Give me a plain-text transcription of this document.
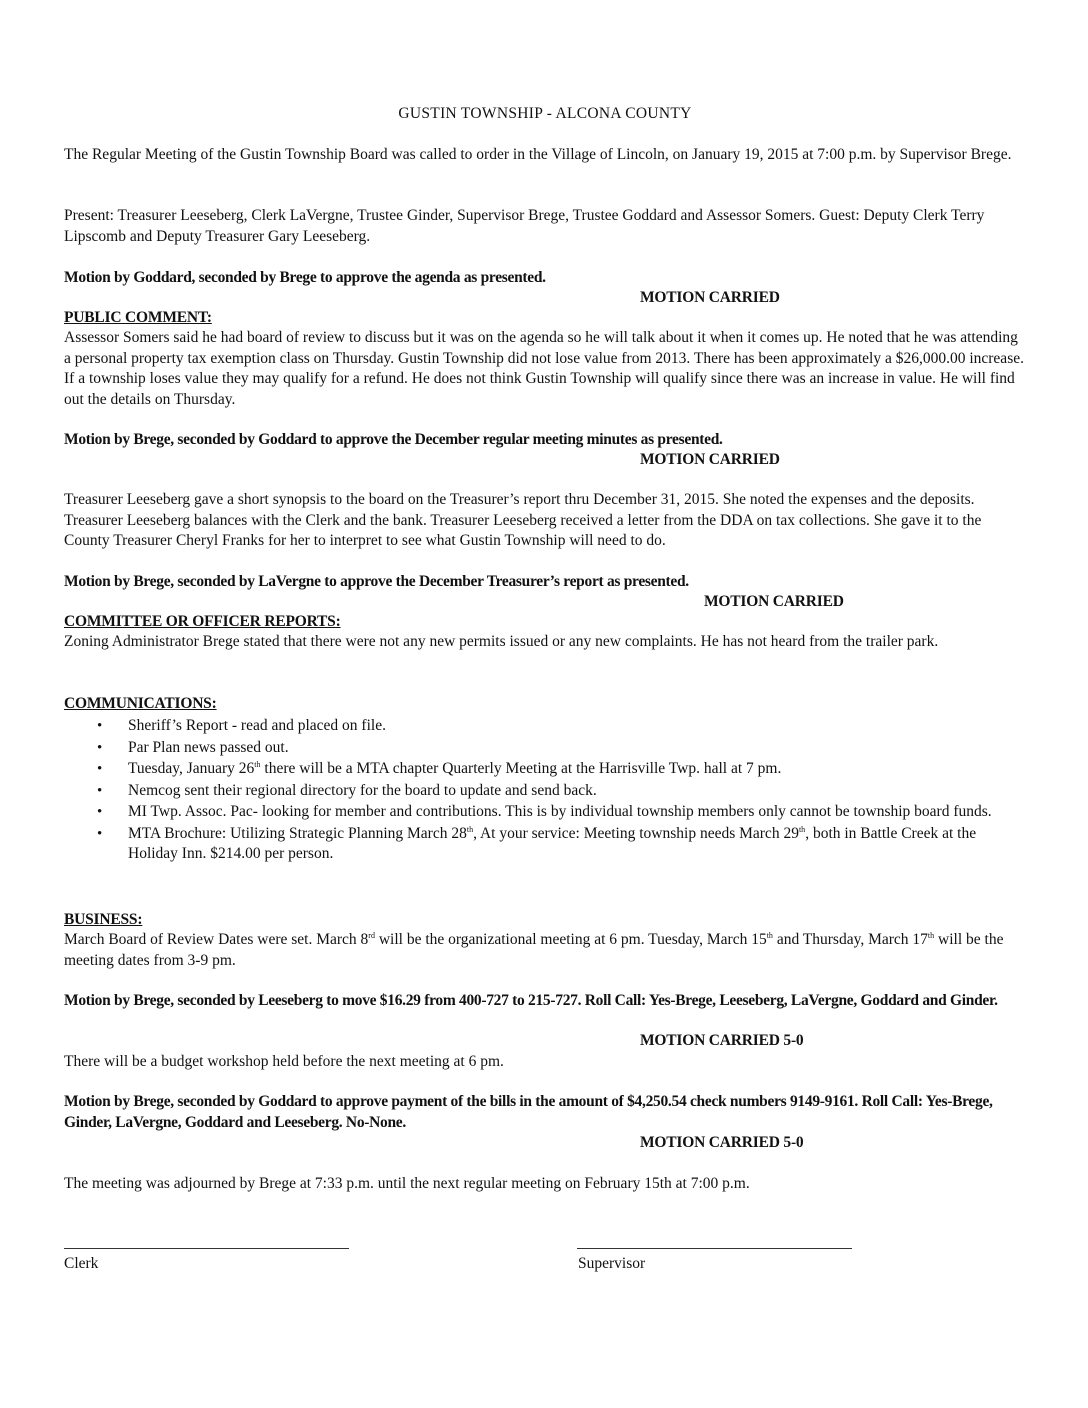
GUSTIN TOWNSHIP - ALCONA COUNTY

The Regular Meeting of the Gustin Township Board was called to order in the Village of Lincoln, on January 19, 2015 at 7:00 p.m. by Supervisor Brege.

Present: Treasurer Leeseberg, Clerk LaVergne, Trustee Ginder, Supervisor Brege, Trustee Goddard and Assessor Somers. Guest: Deputy Clerk Terry Lipscomb and Deputy Treasurer Gary Leeseberg.

Motion by Goddard, seconded by Brege to approve the agenda as presented.

MOTION CARRIED

PUBLIC COMMENT:

Assessor Somers said he had board of review to discuss but it was on the agenda so he will talk about it when it comes up. He noted that he was attending a personal property tax exemption class on Thursday. Gustin Township did not lose value from 2013. There has been approximately a $26,000.00 increase. If a township loses value they may qualify for a refund. He does not think Gustin Township will qualify since there was an increase in value. He will find out the details on Thursday.

Motion by Brege, seconded by Goddard to approve the December regular meeting minutes as presented.

MOTION CARRIED

Treasurer Leeseberg gave a short synopsis to the board on the Treasurer’s report thru December 31, 2015. She noted the expenses and the deposits. Treasurer Leeseberg balances with the Clerk and the bank. Treasurer Leeseberg received a letter from the DDA on tax collections. She gave it to the County Treasurer Cheryl Franks for her to interpret to see what Gustin Township will need to do.

Motion by Brege, seconded by LaVergne to approve the December Treasurer’s report as presented.

MOTION CARRIED

COMMITTEE OR OFFICER REPORTS:

Zoning Administrator Brege stated that there were not any new permits issued or any new complaints. He has not heard from the trailer park.

COMMUNICATIONS:

• Sheriff’s Report - read and placed on file.
• Par Plan news passed out.
• Tuesday, January 26th there will be a MTA chapter Quarterly Meeting at the Harrisville Twp. hall at 7 pm.
• Nemcog sent their regional directory for the board to update and send back.
• MI Twp. Assoc. Pac- looking for member and contributions. This is by individual township members only cannot be township board funds.
• MTA Brochure: Utilizing Strategic Planning March 28th, At your service: Meeting township needs March 29th, both in Battle Creek at the Holiday Inn. $214.00 per person.

BUSINESS:

March Board of Review Dates were set. March 8rd will be the organizational meeting at 6 pm. Tuesday, March 15th and Thursday, March 17th will be the meeting dates from 3-9 pm.

Motion by Brege, seconded by Leeseberg to move $16.29 from 400-727 to 215-727. Roll Call: Yes-Brege, Leeseberg, LaVergne, Goddard and Ginder.

MOTION CARRIED 5-0

There will be a budget workshop held before the next meeting at 6 pm.

Motion by Brege, seconded by Goddard to approve payment of the bills in the amount of $4,250.54 check numbers 9149-9161. Roll Call: Yes-Brege, Ginder, LaVergne, Goddard and Leeseberg. No-None.

MOTION CARRIED 5-0

The meeting was adjourned by Brege at 7:33 p.m. until the next regular meeting on February 15th at 7:00 p.m.

Clerk	Supervisor
